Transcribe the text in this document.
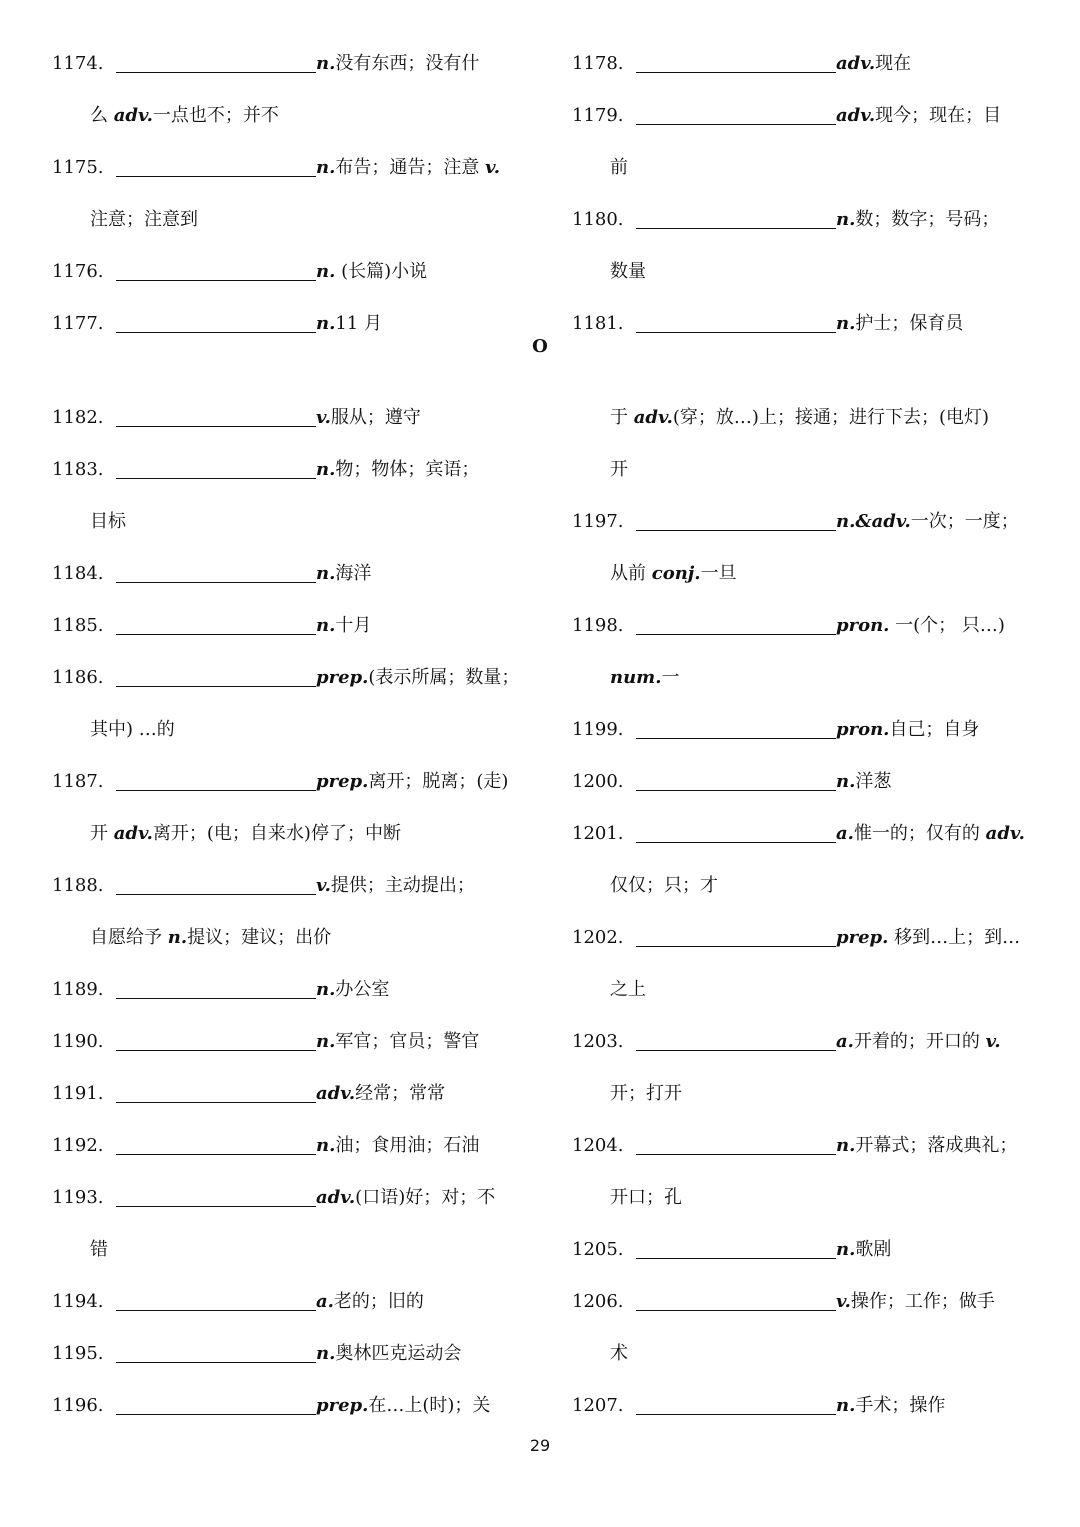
1174.	n.没有东西；没有什
么 adv.一点也不；并不
1175.	n.布告；通告；注意 v.
注意；注意到
1176.	n. (长篇)小说
1177.	n.11 月
1178.	adv.现在
1179.	adv.现今；现在；目
前
1180.	n.数；数字；号码；
数量
1181.	n.护士；保育员
O
1182.	v.服从；遵守
1183.	n.物；物体；宾语；
目标
1184.	n.海洋
1185.	n.十月
1186.	prep.(表示所属；数量；
其中) …的
1187.	prep.离开；脱离；(走)
开 adv.离开；(电；自来水)停了；中断
1188.	v.提供；主动提出；
自愿给予 n.提议；建议；出价
1189.	n.办公室
1190.	n.军官；官员；警官
1191.	adv.经常；常常
1192.	n.油；食用油；石油
1193.	adv.(口语)好；对；不
错
1194.	a.老的；旧的
1195.	n.奥林匹克运动会
1196.	prep.在…上(时)；关
于 adv.(穿；放…)上；接通；进行下去；(电灯)
开
1197.	n.&adv.一次；一度；
从前 conj.一旦
1198.	pron. 一(个； 只…)
num.一
1199.	pron.自己；自身
1200.	n.洋葱
1201.	a.惟一的；仅有的 adv.
仅仅；只；才
1202.	prep. 移到…上；到…
之上
1203.	a.开着的；开口的 v.
开；打开
1204.	n.开幕式；落成典礼；
开口；孔
1205.	n.歌剧
1206.	v.操作；工作；做手
术
1207.	n.手术；操作
29
